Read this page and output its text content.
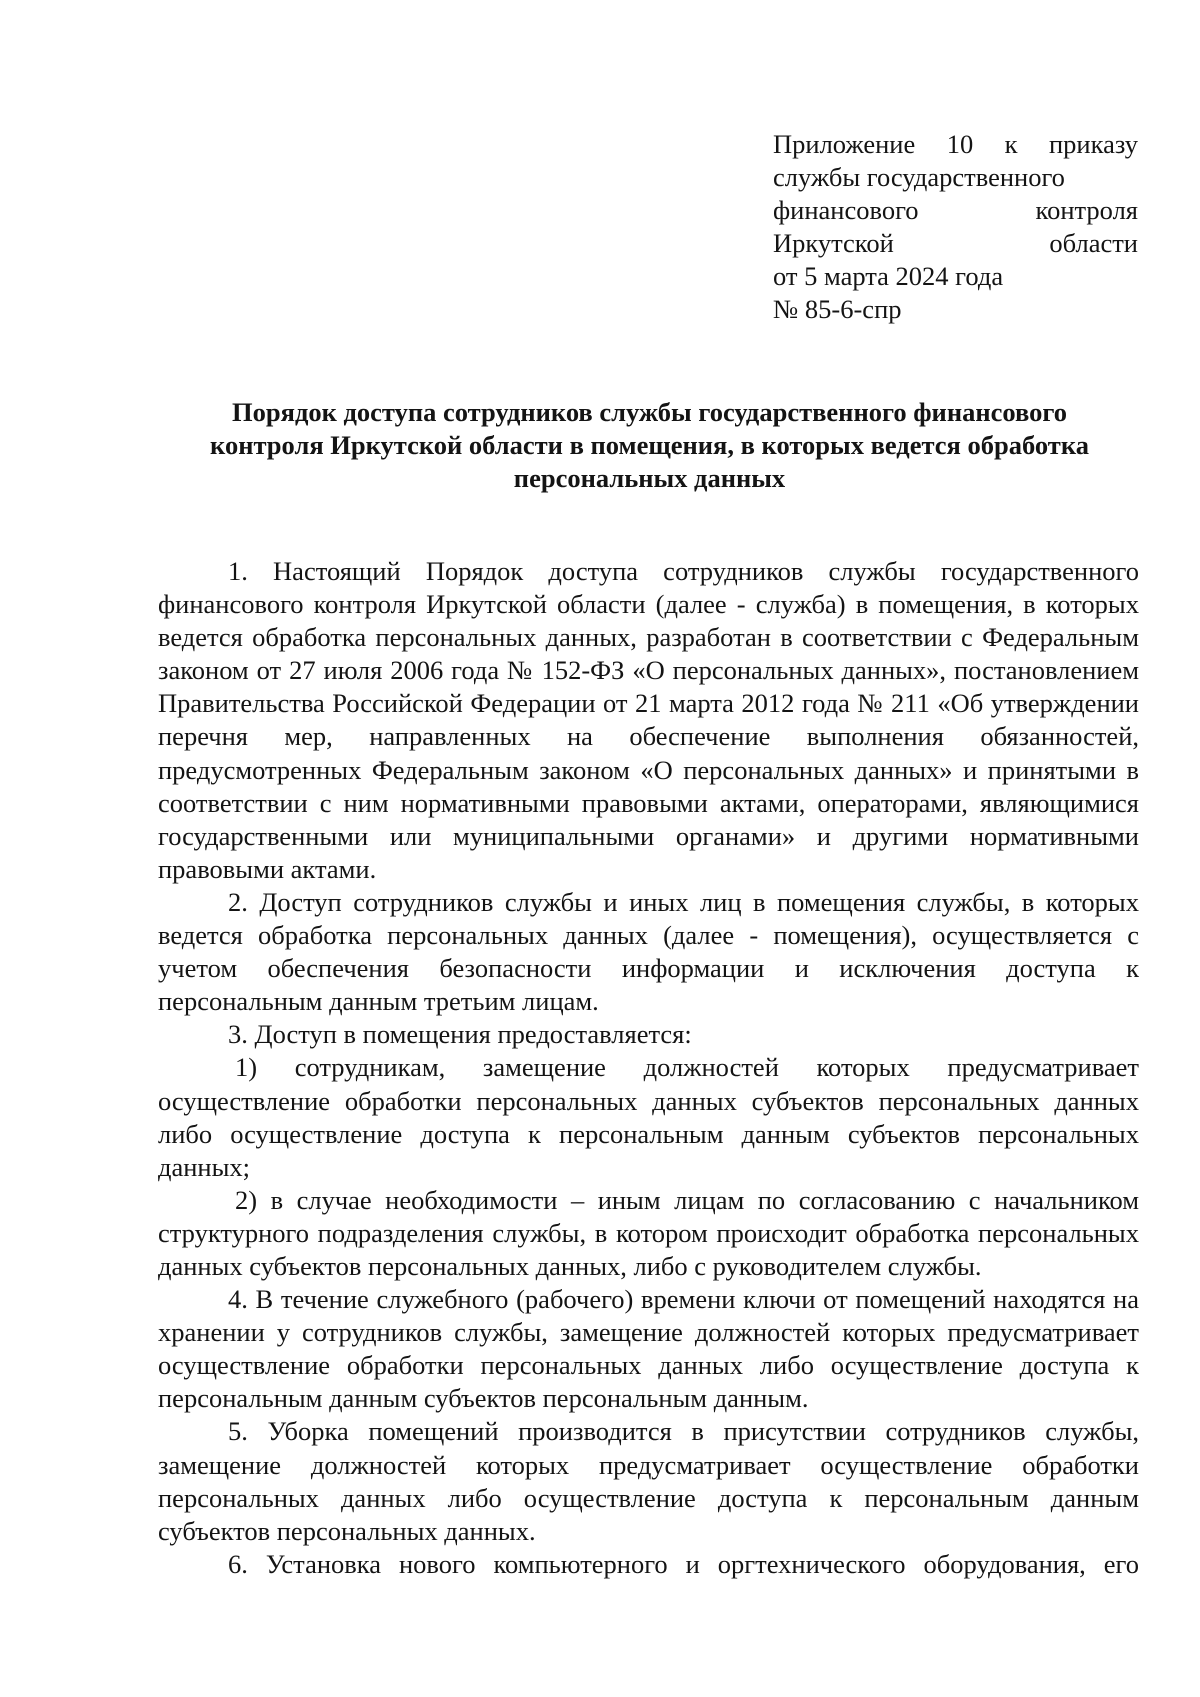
Приложение 10 к приказу
службы государственного
финансового контроля
Иркутской области
от 5 марта 2024 года
№ 85-6-спр
Порядок доступа сотрудников службы государственного финансового
контроля Иркутской области в помещения, в которых ведется обработка
персональных данных

1. Настоящий Порядок доступа сотрудников службы государственного финансового контроля Иркутской области (далее - служба) в помещения, в которых ведется обработка персональных данных, разработан в соответствии с Федеральным законом от 27 июля 2006 года № 152-ФЗ «О персональных данных», постановлением Правительства Российской Федерации от 21 марта 2012 года № 211 «Об утверждении перечня мер, направленных на обеспечение выполнения обязанностей, предусмотренных Федеральным законом «О персональных данных» и принятыми в соответствии с ним нормативными правовыми актами, операторами, являющимися государственными или муниципальными органами» и другими нормативными правовыми актами.

2. Доступ сотрудников службы и иных лиц в помещения службы, в которых ведется обработка персональных данных (далее - помещения), осуществляется с учетом обеспечения безопасности информации и исключения доступа к персональным данным третьим лицам.

3. Доступ в помещения предоставляется:

1) сотрудникам, замещение должностей которых предусматривает осуществление обработки персональных данных субъектов персональных данных либо осуществление доступа к персональным данным субъектов персональных данных;

2) в случае необходимости – иным лицам по согласованию с начальником структурного подразделения службы, в котором происходит обработка персональных данных субъектов персональных данных, либо с руководителем службы.

4. В течение служебного (рабочего) времени ключи от помещений находятся на хранении у сотрудников службы, замещение должностей которых предусматривает осуществление обработки персональных данных либо осуществление доступа к персональным данным субъектов персональным данным.

5. Уборка помещений производится в присутствии сотрудников службы, замещение должностей которых предусматривает осуществление обработки персональных данных либо осуществление доступа к персональным данным субъектов персональных данных.

6. Установка нового компьютерного и оргтехнического оборудования, его
